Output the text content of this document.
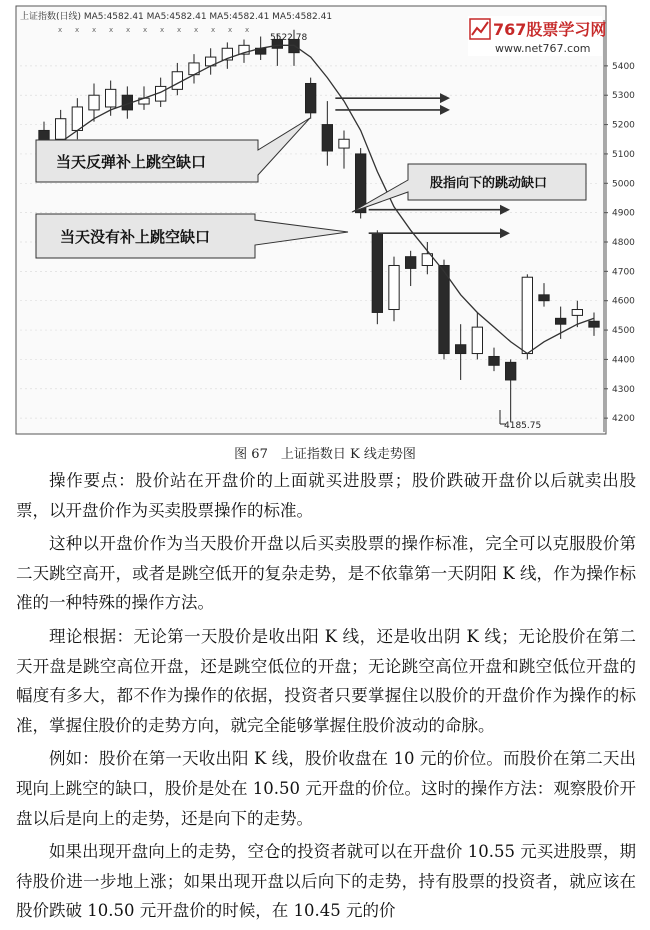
上证指数(日线) MA5:4582.41 MA5:4582.41 MA5:4582.41 MA5:4582.41
x x x x x x x x x x x x
4200
4300
4400
4500
4600
4700
4800
4900
5000
5100
5200
5300
5400
当天反弹补上跳空缺口
当天没有补上跳空缺口
股指向下的跳动缺口
5522.78
4185.75
767股票学习网
www.net767.com
图 67　上证指数日 K 线走势图

操作要点：股价站在开盘价的上面就买进股票；股价跌破开盘价以后就卖出股票，以开盘价作为买卖股票操作的标准。

这种以开盘价作为当天股价开盘以后买卖股票的操作标准，完全可以克服股价第二天跳空高开，或者是跳空低开的复杂走势，是不依靠第一天阴阳 K 线，作为操作标准的一种特殊的操作方法。

理论根据：无论第一天股价是收出阳 K 线，还是收出阴 K 线；无论股价在第二天开盘是跳空高位开盘，还是跳空低位的开盘；无论跳空高位开盘和跳空低位开盘的幅度有多大，都不作为操作的依据，投资者只要掌握住以股价的开盘价作为操作的标准，掌握住股价的走势方向，就完全能够掌握住股价波动的命脉。

例如：股价在第一天收出阳 K 线，股价收盘在 10 元的价位。而股价在第二天出现向上跳空的缺口，股价是处在 10.50 元开盘的价位。这时的操作方法：观察股价开盘以后是向上的走势，还是向下的走势。

如果出现开盘向上的走势，空仓的投资者就可以在开盘价 10.55 元买进股票，期待股价进一步地上涨；如果出现开盘以后向下的走势，持有股票的投资者，就应该在股价跌破 10.50 元开盘价的时候，在 10.45 元的价
